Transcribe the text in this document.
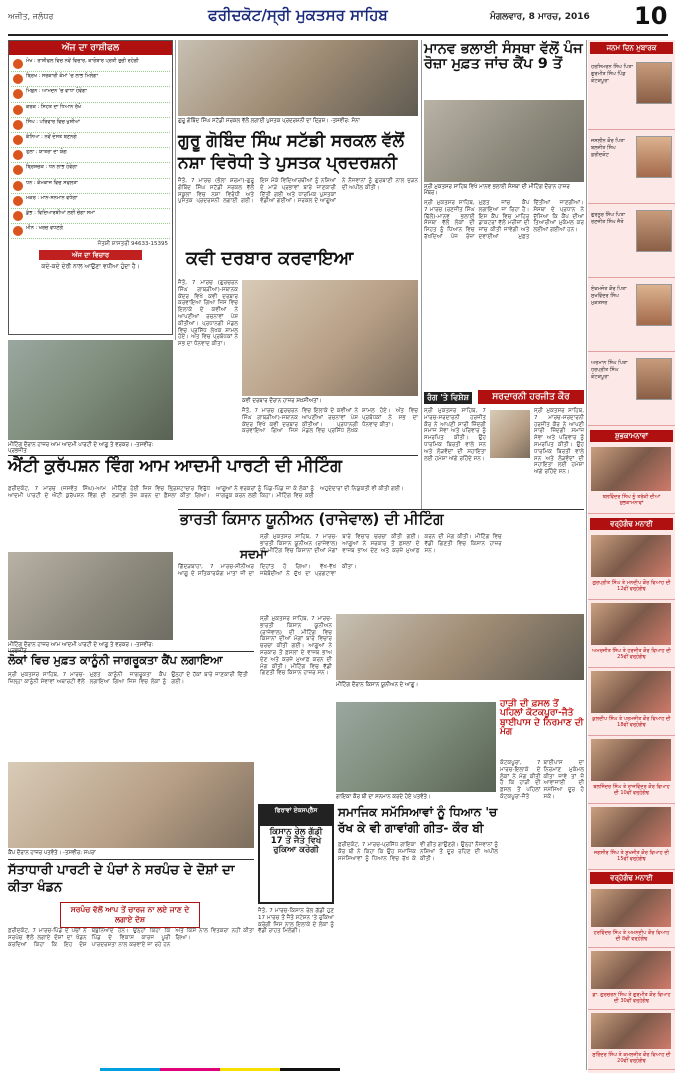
ਅਜੀਤ, ਜਲੰਧਰ	ਫਰੀਦਕੋਟ/ਸ੍ਰੀ ਮੁਕਤਸਰ ਸਾਹਿਬ	ਮੰਗਲਵਾਰ, 8 ਮਾਰਚ, 2016 10
ਅੱਜ ਦਾ ਰਾਸ਼ੀਫਲ
ਮੇਖ : ਰਾਸ਼ੀਫਲ ਵਿਚ ਨਵੇਂ ਵਿਚਾਰ, ਕਾਰੋਬਾਰ ਪ੍ਰਤੀ ਰੁਚੀ ਰਹੇਗੀ
ਬ੍ਰਿਖ : ਸਰਕਾਰੀ ਕੰਮਾਂ 'ਚ ਲਾਭ ਮਿਲੇਗਾ
ਮਿਥੁਨ : ਆਮਦਨ 'ਚ ਵਾਧਾ ਹੋਵੇਗਾ
ਕਰਕ : ਸਿਹਤ ਦਾ ਧਿਆਨ ਰੱਖੋ
ਸਿੰਘ : ਪਰਿਵਾਰ ਵਿਚ ਖੁਸ਼ੀਆਂ
ਕੰਨਿਆ : ਨਵੇਂ ਦੋਸਤ ਬਣਨਗੇ
ਤੁਲਾ : ਯਾਤਰਾ ਦਾ ਯੋਗ
ਬ੍ਰਿਸ਼ਚਕ : ਧਨ ਲਾਭ ਹੋਵੇਗਾ
ਧਨ : ਕੰਮਕਾਜ ਵਿਚ ਸਫਲਤਾ
ਮਕਰ : ਮਾਨ-ਸਨਮਾਨ ਵਧੇਗਾ
ਕੁੰਭ : ਵਿਦਿਆਰਥੀਆਂ ਲਈ ਚੰਗਾ ਸਮਾਂ
ਮੀਨ : ਖਰਚ ਵਧਣਗੇ
ਜੋਤਸ਼ੀ ਸ਼ਾਸਤਰੀ 94633-15395
ਅੱਜ ਦਾ ਵਿਚਾਰ
ਕਦੇ-ਕਦੇ ਦੇਰੀ ਨਾਲ ਆਉਣਾ ਵਧੀਆ ਹੁੰਦਾ ਹੈ।
ਗੁਰੂ ਗੋਬਿੰਦ ਸਿੰਘ ਸਟੱਡੀ ਸਰਕਲ ਵੱਲੋਂ ਲਗਾਈ ਪੁਸਤਕ ਪ੍ਰਦਰਸ਼ਨੀ ਦਾ ਦ੍ਰਿਸ਼। -ਤਸਵੀਰ: ਸੋਨਾ
ਮਾਨਵ ਭਲਾਈ ਸੰਸਥਾ ਵੱਲੋਂ ਪੰਜ ਰੋਜ਼ਾ ਮੁਫ਼ਤ ਜਾਂਚ ਕੈਂਪ 9 ਤੋਂ
ਸ੍ਰੀ ਮੁਕਤਸਰ ਸਾਹਿਬ ਵਿਖੇ ਮਾਨਵ ਭਲਾਈ ਸੰਸਥਾ ਦੀ ਮੀਟਿੰਗ ਦੌਰਾਨ ਹਾਜ਼ਰ ਮੈਂਬਰ।
ਸ੍ਰੀ ਮੁਕਤਸਰ ਸਾਹਿਬ, 7 ਮਾਰਚ (ਰਣਜੀਤ ਸਿੰਘ ਢਿੱਲੋਂ)-ਮਾਨਵ ਭਲਾਈ ਸੰਸਥਾ ਵੱਲੋਂ ਲੋਕਾਂ ਦੀ ਸਿਹਤ ਨੂੰ ਧਿਆਨ ਵਿਚ ਰੱਖਦਿਆਂ ਪੰਜ ਰੋਜ਼ਾ ਮੁਫ਼ਤ ਜਾਂਚ ਕੈਂਪ ਲਗਾਇਆ ਜਾ ਰਿਹਾ ਹੈ। ਇਸ ਕੈਂਪ ਵਿਚ ਮਾਹਿਰ ਡਾਕਟਰਾਂ ਵੱਲੋਂ ਮਰੀਜ਼ਾਂ ਦੀ ਜਾਂਚ ਕੀਤੀ ਜਾਵੇਗੀ ਅਤੇ ਦਵਾਈਆਂ ਮੁਫ਼ਤ ਦਿੱਤੀਆਂ ਜਾਣਗੀਆਂ। ਸੰਸਥਾ ਦੇ ਪ੍ਰਧਾਨ ਨੇ ਦੱਸਿਆ ਕਿ ਕੈਂਪ ਦੀਆਂ ਤਿਆਰੀਆਂ ਮੁਕੰਮਲ ਕਰ ਲਈਆਂ ਗਈਆਂ ਹਨ।
ਗੁਰੂ ਗੋਬਿੰਦ ਸਿੰਘ ਸਟੱਡੀ ਸਰਕਲ ਵੱਲੋਂ ਨਸ਼ਾ ਵਿਰੋਧੀ ਤੇ ਪੁਸਤਕ ਪ੍ਰਦਰਸ਼ਨੀ
ਜੈਤੋ, 7 ਮਾਰਚ (ਭੋਲਾ ਸ਼ਰਮਾ)-ਗੁਰੂ ਗੋਬਿੰਦ ਸਿੰਘ ਸਟੱਡੀ ਸਰਕਲ ਵੱਲੋਂ ਸਕੂਲਾਂ ਵਿਚ ਨਸ਼ਾ ਵਿਰੋਧੀ ਅਤੇ ਪੁਸਤਕ ਪ੍ਰਦਰਸ਼ਨੀ ਲਗਾਈ ਗਈ। ਇਸ ਮੌਕੇ ਵਿਦਿਆਰਥੀਆਂ ਨੂੰ ਨਸ਼ਿਆਂ ਦੇ ਮਾੜੇ ਪ੍ਰਭਾਵਾਂ ਬਾਰੇ ਜਾਣਕਾਰੀ ਦਿੱਤੀ ਗਈ ਅਤੇ ਧਾਰਮਿਕ ਪੁਸਤਕਾਂ ਵੰਡੀਆਂ ਗਈਆਂ। ਸਰਕਲ ਦੇ ਆਗੂਆਂ ਨੇ ਨੌਜਵਾਨਾਂ ਨੂੰ ਗੁਰਬਾਣੀ ਨਾਲ ਜੁੜਨ ਦੀ ਅਪੀਲ ਕੀਤੀ।
ਕਵੀ ਦਰਬਾਰ ਕਰਵਾਇਆ
ਜੈਤੋ, 7 ਮਾਰਚ (ਗੁਰਚਰਨ ਸਿੰਘ ਗਾਬੜੀਆ)-ਸਥਾਨਕ ਕੇਂਦਰ ਵਿਖੇ ਕਵੀ ਦਰਬਾਰ ਕਰਵਾਇਆ ਗਿਆ ਜਿਸ ਵਿਚ ਇਲਾਕੇ ਦੇ ਕਵੀਆਂ ਨੇ ਆਪਣੀਆਂ ਰਚਨਾਵਾਂ ਪੇਸ਼ ਕੀਤੀਆਂ। ਪ੍ਰਧਾਨਗੀ ਮੰਡਲ ਵਿਚ ਪ੍ਰਸਿੱਧ ਲੇਖਕ ਸ਼ਾਮਲ ਹੋਏ। ਅੰਤ ਵਿਚ ਪ੍ਰਬੰਧਕਾਂ ਨੇ ਸਭ ਦਾ ਧੰਨਵਾਦ ਕੀਤਾ।
ਕਵੀ ਦਰਬਾਰ ਦੌਰਾਨ ਹਾਜ਼ਰ ਸ਼ਖ਼ਸੀਅਤਾਂ।
ਜੈਤੋ, 7 ਮਾਰਚ (ਗੁਰਚਰਨ ਸਿੰਘ ਗਾਬੜੀਆ)-ਸਥਾਨਕ ਕੇਂਦਰ ਵਿਖੇ ਕਵੀ ਦਰਬਾਰ ਕਰਵਾਇਆ ਗਿਆ ਜਿਸ ਵਿਚ ਇਲਾਕੇ ਦੇ ਕਵੀਆਂ ਨੇ ਆਪਣੀਆਂ ਰਚਨਾਵਾਂ ਪੇਸ਼ ਕੀਤੀਆਂ। ਪ੍ਰਧਾਨਗੀ ਮੰਡਲ ਵਿਚ ਪ੍ਰਸਿੱਧ ਲੇਖਕ ਸ਼ਾਮਲ ਹੋਏ। ਅੰਤ ਵਿਚ ਪ੍ਰਬੰਧਕਾਂ ਨੇ ਸਭ ਦਾ ਧੰਨਵਾਦ ਕੀਤਾ।
ਮੀਟਿੰਗ ਦੌਰਾਨ ਹਾਜ਼ਰ ਆਮ ਆਦਮੀ ਪਾਰਟੀ ਦੇ ਆਗੂ ਤੇ ਵਰਕਰ। -ਤਸਵੀਰ: ਪ੍ਰਭਜੀਤ
ਰੰਗ 'ਤੇ ਵਿਸ਼ੇਸ਼	ਸਰਦਾਰਨੀ ਹਰਜੀਤ ਕੌਰ
ਸ੍ਰੀ ਮੁਕਤਸਰ ਸਾਹਿਬ, 7 ਮਾਰਚ-ਸਰਦਾਰਨੀ ਹਰਜੀਤ ਕੌਰ ਨੇ ਆਪਣੀ ਸਾਰੀ ਜ਼ਿੰਦਗੀ ਸਮਾਜ ਸੇਵਾ ਅਤੇ ਪਰਿਵਾਰ ਨੂੰ ਸਮਰਪਿਤ ਕੀਤੀ। ਉਹ ਧਾਰਮਿਕ ਬਿਰਤੀ ਵਾਲੇ ਸਨ ਅਤੇ ਲੋੜਵੰਦਾਂ ਦੀ ਸਹਾਇਤਾ ਲਈ ਹਮੇਸ਼ਾ ਅੱਗੇ ਰਹਿੰਦੇ ਸਨ।
ਸ੍ਰੀ ਮੁਕਤਸਰ ਸਾਹਿਬ, 7 ਮਾਰਚ-ਸਰਦਾਰਨੀ ਹਰਜੀਤ ਕੌਰ ਨੇ ਆਪਣੀ ਸਾਰੀ ਜ਼ਿੰਦਗੀ ਸਮਾਜ ਸੇਵਾ ਅਤੇ ਪਰਿਵਾਰ ਨੂੰ ਸਮਰਪਿਤ ਕੀਤੀ। ਉਹ ਧਾਰਮਿਕ ਬਿਰਤੀ ਵਾਲੇ ਸਨ ਅਤੇ ਲੋੜਵੰਦਾਂ ਦੀ ਸਹਾਇਤਾ ਲਈ ਹਮੇਸ਼ਾ ਅੱਗੇ ਰਹਿੰਦੇ ਸਨ।
ਐਂਟੀ ਕੁਰੱਪਸ਼ਨ ਵਿੰਗ ਆਮ ਆਦਮੀ ਪਾਰਟੀ ਦੀ ਮੀਟਿੰਗ
ਫ਼ਰੀਦਕੋਟ, 7 ਮਾਰਚ (ਜਸਵੰਤ ਸਿੰਘ)-ਆਮ ਆਦਮੀ ਪਾਰਟੀ ਦੇ ਐਂਟੀ ਕੁਰੱਪਸ਼ਨ ਵਿੰਗ ਦੀ ਮੀਟਿੰਗ ਹੋਈ ਜਿਸ ਵਿਚ ਭ੍ਰਿਸ਼ਟਾਚਾਰ ਵਿਰੁੱਧ ਲੜਾਈ ਤੇਜ਼ ਕਰਨ ਦਾ ਫ਼ੈਸਲਾ ਕੀਤਾ ਗਿਆ। ਆਗੂਆਂ ਨੇ ਵਰਕਰਾਂ ਨੂੰ ਪਿੰਡ-ਪਿੰਡ ਜਾ ਕੇ ਲੋਕਾਂ ਨੂੰ ਜਾਗਰੂਕ ਕਰਨ ਲਈ ਕਿਹਾ। ਮੀਟਿੰਗ ਵਿਚ ਕਈ ਅਹੁਦੇਦਾਰਾਂ ਦੀ ਨਿਯੁਕਤੀ ਵੀ ਕੀਤੀ ਗਈ।
ਸਦਮਾ
ਗਿੱਦੜਬਾਹਾ, 7 ਮਾਰਚ-ਸੀਨੀਅਰ ਆਗੂ ਦੇ ਸਤਿਕਾਰਯੋਗ ਮਾਤਾ ਜੀ ਦਾ ਦਿਹਾਂਤ ਹੋ ਗਿਆ। ਵੱਖ-ਵੱਖ ਜਥੇਬੰਦੀਆਂ ਨੇ ਦੁੱਖ ਦਾ ਪ੍ਰਗਟਾਵਾ ਕੀਤਾ।
ਮੀਟਿੰਗ ਦੌਰਾਨ ਹਾਜ਼ਰ ਆਮ ਆਦਮੀ ਪਾਰਟੀ ਦੇ ਆਗੂ ਤੇ ਵਰਕਰ। -ਤਸਵੀਰ:
ਭਾਰਤੀ ਕਿਸਾਨ ਯੂਨੀਅਨ (ਰਾਜੇਵਾਲ) ਦੀ ਮੀਟਿੰਗ
ਸ੍ਰੀ ਮੁਕਤਸਰ ਸਾਹਿਬ, 7 ਮਾਰਚ-ਭਾਰਤੀ ਕਿਸਾਨ ਯੂਨੀਅਨ (ਰਾਜੇਵਾਲ) ਦੀ ਮੀਟਿੰਗ ਵਿਚ ਕਿਸਾਨਾਂ ਦੀਆਂ ਮੰਗਾਂ ਬਾਰੇ ਵਿਚਾਰ ਚਰਚਾ ਕੀਤੀ ਗਈ। ਆਗੂਆਂ ਨੇ ਸਰਕਾਰ ਤੋਂ ਫ਼ਸਲਾਂ ਦੇ ਵਾਜਬ ਭਾਅ ਦੇਣ ਅਤੇ ਕਰਜ਼ੇ ਮੁਆਫ਼ ਕਰਨ ਦੀ ਮੰਗ ਕੀਤੀ। ਮੀਟਿੰਗ ਵਿਚ ਵੱਡੀ ਗਿਣਤੀ ਵਿਚ ਕਿਸਾਨ ਹਾਜ਼ਰ ਸਨ।
ਮੀਟਿੰਗ ਦੌਰਾਨ ਕਿਸਾਨ ਯੂਨੀਅਨ ਦੇ ਆਗੂ।
ਸ੍ਰੀ ਮੁਕਤਸਰ ਸਾਹਿਬ, 7 ਮਾਰਚ-ਭਾਰਤੀ ਕਿਸਾਨ ਯੂਨੀਅਨ (ਰਾਜੇਵਾਲ) ਦੀ ਮੀਟਿੰਗ ਵਿਚ ਕਿਸਾਨਾਂ ਦੀਆਂ ਮੰਗਾਂ ਬਾਰੇ ਵਿਚਾਰ ਚਰਚਾ ਕੀਤੀ ਗਈ। ਆਗੂਆਂ ਨੇ ਸਰਕਾਰ ਤੋਂ ਫ਼ਸਲਾਂ ਦੇ ਵਾਜਬ ਭਾਅ ਦੇਣ ਅਤੇ ਕਰਜ਼ੇ ਮੁਆਫ਼ ਕਰਨ ਦੀ ਮੰਗ ਕੀਤੀ। ਮੀਟਿੰਗ ਵਿਚ ਵੱਡੀ ਗਿਣਤੀ ਵਿਚ ਕਿਸਾਨ ਹਾਜ਼ਰ ਸਨ।
ਲੋਕਾਂ ਵਿਚ ਮੁਫ਼ਤ ਕਾਨੂੰਨੀ ਜਾਗਰੂਕਤਾ ਕੈਂਪ ਲਗਾਇਆ
ਸ੍ਰੀ ਮੁਕਤਸਰ ਸਾਹਿਬ, 7 ਮਾਰਚ-ਜ਼ਿਲ੍ਹਾ ਕਾਨੂੰਨੀ ਸੇਵਾਵਾਂ ਅਥਾਰਟੀ ਵੱਲੋਂ ਮੁਫ਼ਤ ਕਾਨੂੰਨੀ ਜਾਗਰੂਕਤਾ ਕੈਂਪ ਲਗਾਇਆ ਗਿਆ ਜਿਸ ਵਿਚ ਲੋਕਾਂ ਨੂੰ ਉਨ੍ਹਾਂ ਦੇ ਹੱਕਾਂ ਬਾਰੇ ਜਾਣਕਾਰੀ ਦਿੱਤੀ ਗਈ।
ਕੈਂਪ ਦੌਰਾਨ ਹਾਜ਼ਰ ਪਤਵੰਤੇ। -ਤਸਵੀਰ: ਸਪਰਾ
ਹਾੜੀ ਦੀ ਫ਼ਸਲ ਤੋਂ ਪਹਿਲਾਂ ਕੋਟਕਪੂਰਾ-ਜੈਤੋ ਬਾਈਪਾਸ ਦੇ ਨਿਰਮਾਣ ਦੀ ਮੰਗ
ਕੋਟਕਪੂਰਾ, 7 ਮਾਰਚ-ਇਲਾਕੇ ਦੇ ਲੋਕਾਂ ਨੇ ਮੰਗ ਕੀਤੀ ਹੈ ਕਿ ਹਾੜੀ ਦੀ ਫ਼ਸਲ ਤੋਂ ਪਹਿਲਾਂ ਕੋਟਕਪੂਰਾ-ਜੈਤੋ ਬਾਈਪਾਸ ਦਾ ਨਿਰਮਾਣ ਮੁਕੰਮਲ ਕੀਤਾ ਜਾਵੇ ਤਾਂ ਜੋ ਆਵਾਜਾਈ ਦੀ ਸਮੱਸਿਆ ਦੂਰ ਹੋ ਸਕੇ।
ਗਾਇਕਾ ਕੌਰ ਬੀ ਦਾ ਸਨਮਾਨ ਕਰਦੇ ਹੋਏ ਪਤਵੰਤੇ।
ਫਿਰਾਵਾਂ ਏਕਸਪ੍ਰੈੱਸ
ਕਿਸਾਨ ਰੇਲ ਗੱਡੀ 17 ਤੋਂ ਜੈਤੋ ਵਿਖੇ ਰੁਕਿਆ ਕਰੇਗੀ
ਜੈਤੋ, 7 ਮਾਰਚ-ਕਿਸਾਨ ਰੇਲ ਗੱਡੀ ਹੁਣ 17 ਮਾਰਚ ਤੋਂ ਜੈਤੋ ਸਟੇਸ਼ਨ 'ਤੇ ਰੁਕਿਆ ਕਰੇਗੀ ਜਿਸ ਨਾਲ ਇਲਾਕੇ ਦੇ ਲੋਕਾਂ ਨੂੰ ਵੱਡੀ ਰਾਹਤ ਮਿਲੇਗੀ।
ਸਮਾਜਿਕ ਸਮੱਸਿਆਵਾਂ ਨੂੰ ਧਿਆਨ 'ਚ ਰੱਖ ਕੇ ਵੀ ਗਾਵਾਂਗੀ ਗੀਤ- ਕੌਰ ਬੀ
ਫ਼ਰੀਦਕੋਟ, 7 ਮਾਰਚ-ਪ੍ਰਸਿੱਧ ਗਾਇਕਾ ਕੌਰ ਬੀ ਨੇ ਕਿਹਾ ਕਿ ਉਹ ਸਮਾਜਿਕ ਸਮੱਸਿਆਵਾਂ ਨੂੰ ਧਿਆਨ ਵਿਚ ਰੱਖ ਕੇ ਵੀ ਗੀਤ ਗਾਉਣਗੇ। ਉਨ੍ਹਾਂ ਨੌਜਵਾਨਾਂ ਨੂੰ ਨਸ਼ਿਆਂ ਤੋਂ ਦੂਰ ਰਹਿਣ ਦੀ ਅਪੀਲ ਕੀਤੀ।
ਸੱਤਾਧਾਰੀ ਪਾਰਟੀ ਦੇ ਪੰਚਾਂ ਨੇ ਸਰਪੰਚ ਦੇ ਦੋਸ਼ਾਂ ਦਾ ਕੀਤਾ ਖੰਡਨ
ਸਰਪੰਚ ਵੱਲੋਂ ਆਪ ਤੇਂ ਚਾਰਜ ਨਾ ਲਏ ਜਾਣ ਦੇ ਲਗਾਏ ਦੋਸ਼
ਫ਼ਰੀਦਕੋਟ, 7 ਮਾਰਚ-ਪਿੰਡ ਦੇ ਪੰਚਾਂ ਨੇ ਸਰਪੰਚ ਵੱਲੋਂ ਲਗਾਏ ਦੋਸ਼ਾਂ ਦਾ ਖੰਡਨ ਕਰਦਿਆਂ ਕਿਹਾ ਕਿ ਇਹ ਦੋਸ਼ ਬੇਬੁਨਿਆਦ ਹਨ। ਉਨ੍ਹਾਂ ਕਿਹਾ ਕਿ ਪਿੰਡ ਦੇ ਵਿਕਾਸ ਕਾਰਜ ਪੂਰੀ ਪਾਰਦਰਸ਼ਤਾ ਨਾਲ ਕਰਵਾਏ ਜਾ ਰਹੇ ਹਨ ਅਤੇ ਕਿਸੇ ਨਾਲ ਵਿਤਕਰਾ ਨਹੀਂ ਕੀਤਾ ਗਿਆ।
ਜਨਮ ਦਿਨ ਮੁਬਾਰਕ
ਹਰਸਿਮਰਨ ਸਿੰਘ ਪਿਤਾ ਗੁਰਮੀਤ ਸਿੰਘ ਪਿੰਡ ਕੋਟਕਪੂਰਾ
ਜਸਲੀਨ ਕੌਰ ਪਿਤਾ ਬਲਜੀਤ ਸਿੰਘ ਫ਼ਰੀਦਕੋਟ
ਗੁਰਨੂਰ ਸਿੰਘ ਪਿਤਾ ਰਣਜੀਤ ਸਿੰਘ ਜੈਤੋ
ਏਕਮਜੋਤ ਕੌਰ ਪਿਤਾ ਸੁਖਵਿੰਦਰ ਸਿੰਘ ਮੁਕਤਸਰ
ਅਰਮਾਨ ਸਿੰਘ ਪਿਤਾ ਹਰਪ੍ਰੀਤ ਸਿੰਘ ਕੋਟਕਪੂਰਾ
ਸ਼ੁਭਕਾਮਨਾਵਾਂ
ਬਲਵਿੰਦਰ ਸਿੰਘ ਨੂੰ ਤਰੱਕੀ ਦੀਆਂ ਸ਼ੁਭਕਾਮਨਾਵਾਂ
ਵਰ੍ਹੇਗੰਢ ਮਨਾਈ
ਗੁਰਪ੍ਰੀਤ ਸਿੰਘ ਤੇ ਮਨਦੀਪ ਕੌਰ ਵਿਆਹ ਦੀ 12ਵੀਂ ਵਰ੍ਹੇਗੰਢ
ਅਮਰਜੀਤ ਸਿੰਘ ਤੇ ਹਰਜੀਤ ਕੌਰ ਵਿਆਹ ਦੀ 25ਵੀਂ ਵਰ੍ਹੇਗੰਢ
ਕੁਲਦੀਪ ਸਿੰਘ ਤੇ ਪਰਮਜੀਤ ਕੌਰ ਵਿਆਹ ਦੀ 18ਵੀਂ ਵਰ੍ਹੇਗੰਢ
ਬਲਜਿੰਦਰ ਸਿੰਘ ਤੇ ਰਾਜਵਿੰਦਰ ਕੌਰ ਵਿਆਹ ਦੀ 10ਵੀਂ ਵਰ੍ਹੇਗੰਢ
ਜਗਸੀਰ ਸਿੰਘ ਤੇ ਸੁਖਜੀਤ ਕੌਰ ਵਿਆਹ ਦੀ 15ਵੀਂ ਵਰ੍ਹੇਗੰਢ
ਵਰ੍ਹੇਗੰਢ ਮਨਾਈ
ਹਰਵਿੰਦਰ ਸਿੰਘ ਤੇ ਅਮਨਦੀਪ ਕੌਰ ਵਿਆਹ ਦੀ 8ਵੀਂ ਵਰ੍ਹੇਗੰਢ
ਡਾ. ਗੁਰਚਰਨ ਸਿੰਘ ਤੇ ਗੁਰਮੀਤ ਕੌਰ ਵਿਆਹ ਦੀ 30ਵੀਂ ਵਰ੍ਹੇਗੰਢ
ਸੁਰਿੰਦਰ ਸਿੰਘ ਤੇ ਕਮਲਜੀਤ ਕੌਰ ਵਿਆਹ ਦੀ 20ਵੀਂ ਵਰ੍ਹੇਗੰਢ
